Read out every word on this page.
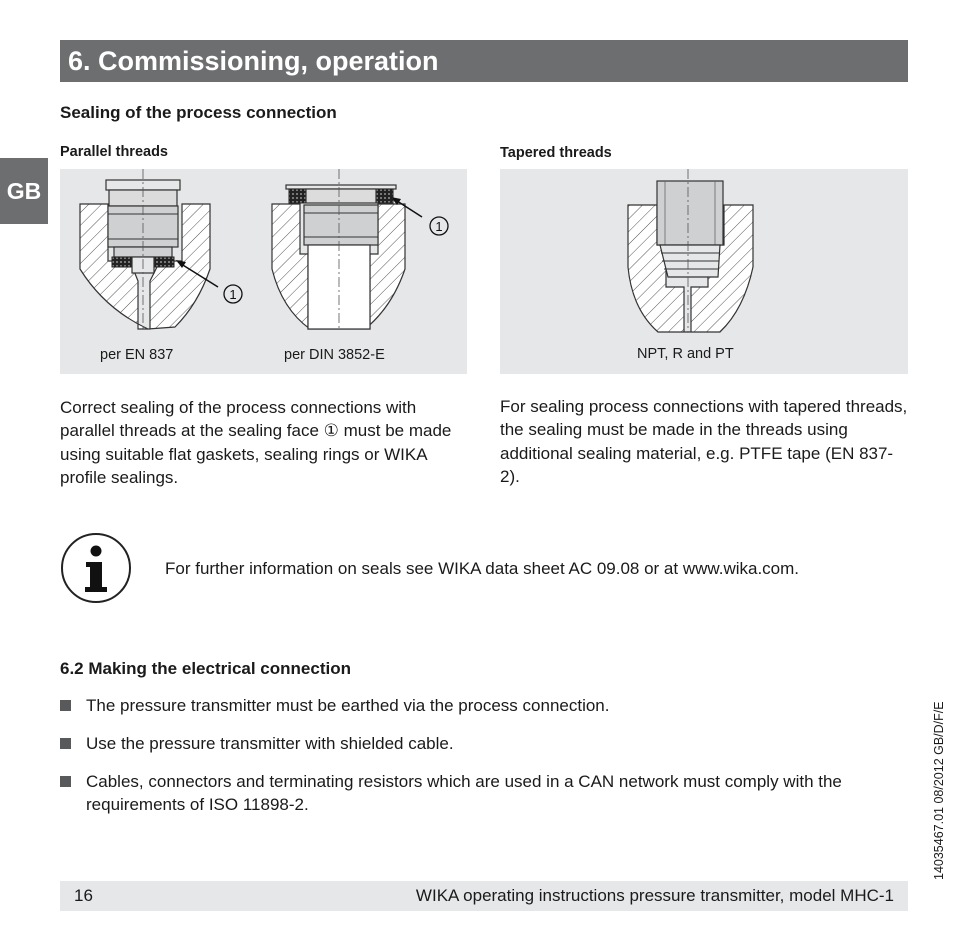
6. Commissioning, operation
GB
Sealing of the process connection
Parallel threads	Tapered threads
1
1
per EN 837	per DIN 3852-E	NPT, R and PT

Correct sealing of the process connections with parallel threads at the sealing face ① must be made using suitable flat gaskets, sealing rings or WIKA profile sealings.

For sealing process connections with tapered threads, the sealing must be made in the threads using additional sealing material, e.g. PTFE tape (EN 837-2).

For further information on seals see WIKA data sheet AC 09.08 or at www.wika.com.
6.2 Making the electrical connection
The pressure transmitter must be earthed via the process connection.
Use the pressure transmitter with shielded cable.
Cables, connectors and terminating resistors which are used in a CAN network must comply with the requirements of ISO 11898-2.	14035467.01 08/2012 GB/D/F/E
16	WIKA operating instructions pressure transmitter, model MHC-1
